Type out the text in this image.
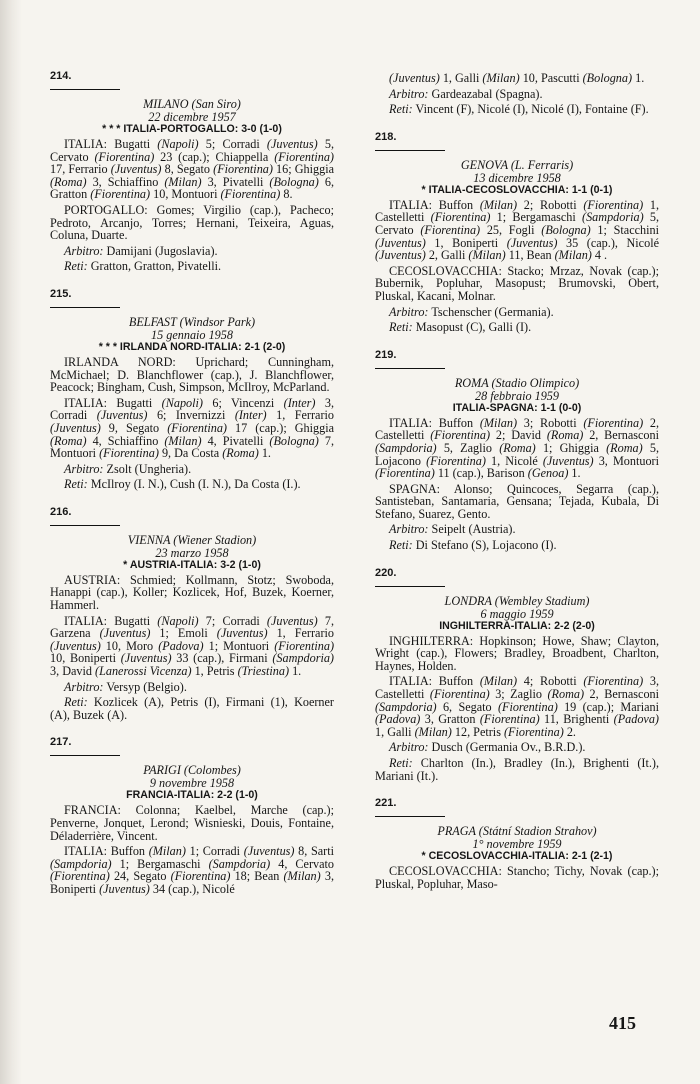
214.
MILANO (San Siro)
22 dicembre 1957
* * * ITALIA-PORTOGALLO: 3-0 (1-0)
ITALIA: Bugatti (Napoli) 5; Corradi (Juventus) 5, Cervato (Fiorentina) 23 (cap.); Chiappella (Fiorentina) 17, Ferrario (Juventus) 8, Segato (Fiorentina) 16; Ghiggia (Roma) 3, Schiaffino (Milan) 3, Pivatelli (Bologna) 6, Gratton (Fiorentina) 10, Montuori (Fiorentina) 8.
PORTOGALLO: Gomes; Virgilio (cap.), Pacheco; Pedroto, Arcanjo, Torres; Hernani, Teixeira, Aguas, Coluna, Duarte.
Arbitro: Damijani (Jugoslavia).
Reti: Gratton, Gratton, Pivatelli.
215.
BELFAST (Windsor Park)
15 gennaio 1958
* * * IRLANDA NORD-ITALIA: 2-1 (2-0)
IRLANDA NORD: Uprichard; Cunningham, McMichael; D. Blanchflower (cap.), J. Blanchflower, Peacock; Bingham, Cush, Simpson, McIlroy, McParland.
ITALIA: Bugatti (Napoli) 6; Vincenzi (Inter) 3, Corradi (Juventus) 6; Invernizzi (Inter) 1, Ferrario (Juventus) 9, Segato (Fiorentina) 17 (cap.); Ghiggia (Roma) 4, Schiaffino (Milan) 4, Pivatelli (Bologna) 7, Montuori (Fiorentina) 9, Da Costa (Roma) 1.
Arbitro: Zsolt (Ungheria).
Reti: McIlroy (I. N.), Cush (I. N.), Da Costa (I.).
216.
VIENNA (Wiener Stadion)
23 marzo 1958
* AUSTRIA-ITALIA: 3-2 (1-0)
AUSTRIA: Schmied; Kollmann, Stotz; Swoboda, Hanappi (cap.), Koller; Kozlicek, Hof, Buzek, Koerner, Hammerl.
ITALIA: Bugatti (Napoli) 7; Corradi (Juventus) 7, Garzena (Juventus) 1; Emoli (Juventus) 1, Ferrario (Juventus) 10, Moro (Padova) 1; Montuori (Fiorentina) 10, Boniperti (Juventus) 33 (cap.), Firmani (Sampdoria) 3, David (Lanerossi Vicenza) 1, Petris (Triestina) 1.
Arbitro: Versyp (Belgio).
Reti: Kozlicek (A), Petris (I), Firmani (1), Koerner (A), Buzek (A).
217.
PARIGI (Colombes)
9 novembre 1958
FRANCIA-ITALIA: 2-2 (1-0)
FRANCIA: Colonna; Kaelbel, Marche (cap.); Penverne, Jonquet, Lerond; Wisnieski, Douis, Fontaine, Déladerrière, Vincent.
ITALIA: Buffon (Milan) 1; Corradi (Juventus) 8, Sarti (Sampdoria) 1; Bergamaschi (Sampdoria) 4, Cervato (Fiorentina) 24, Segato (Fiorentina) 18; Bean (Milan) 3, Boniperti (Juventus) 34 (cap.), Nicolé
(Juventus) 1, Galli (Milan) 10, Pascutti (Bologna) 1.
Arbitro: Gardeazabal (Spagna).
Reti: Vincent (F), Nicolé (I), Nicolé (I), Fontaine (F).
218.
GENOVA (L. Ferraris)
13 dicembre 1958
* ITALIA-CECOSLOVACCHIA: 1-1 (0-1)
ITALIA: Buffon (Milan) 2; Robotti (Fiorentina) 1, Castelletti (Fiorentina) 1; Bergamaschi (Sampdoria) 5, Cervato (Fiorentina) 25, Fogli (Bologna) 1; Stacchini (Juventus) 1, Boniperti (Juventus) 35 (cap.), Nicolé (Juventus) 2, Galli (Milan) 11, Bean (Milan) 4 .
CECOSLOVACCHIA: Stacko; Mrzaz, Novak (cap.); Bubernik, Popluhar, Masopust; Brumovski, Obert, Pluskal, Kacani, Molnar.
Arbitro: Tschenscher (Germania).
Reti: Masopust (C), Galli (I).
219.
ROMA (Stadio Olimpico)
28 febbraio 1959
ITALIA-SPAGNA: 1-1 (0-0)
ITALIA: Buffon (Milan) 3; Robotti (Fiorentina) 2, Castelletti (Fiorentina) 2; David (Roma) 2, Bernasconi (Sampdoria) 5, Zaglio (Roma) 1; Ghiggia (Roma) 5, Lojacono (Fiorentina) 1, Nicolé (Juventus) 3, Montuori (Fiorentina) 11 (cap.), Barison (Genoa) 1.
SPAGNA: Alonso; Quincoces, Segarra (cap.), Santisteban, Santamaria, Gensana; Tejada, Kubala, Di Stefano, Suarez, Gento.
Arbitro: Seipelt (Austria).
Reti: Di Stefano (S), Lojacono (I).
220.
LONDRA (Wembley Stadium)
6 maggio 1959
INGHILTERRA-ITALIA: 2-2 (2-0)
INGHILTERRA: Hopkinson; Howe, Shaw; Clayton, Wright (cap.), Flowers; Bradley, Broadbent, Charlton, Haynes, Holden.
ITALIA: Buffon (Milan) 4; Robotti (Fiorentina) 3, Castelletti (Fiorentina) 3; Zaglio (Roma) 2, Bernasconi (Sampdoria) 6, Segato (Fiorentina) 19 (cap.); Mariani (Padova) 3, Gratton (Fiorentina) 11, Brighenti (Padova) 1, Galli (Milan) 12, Petris (Fiorentina) 2.
Arbitro: Dusch (Germania Ov., B.R.D.).
Reti: Charlton (In.), Bradley (In.), Brighenti (It.), Mariani (It.).
221.
PRAGA (Státní Stadion Strahov)
1° novembre 1959
* CECOSLOVACCHIA-ITALIA: 2-1 (2-1)
CECOSLOVACCHIA: Stancho; Tichy, Novak (cap.); Pluskal, Popluhar, Maso-
415
